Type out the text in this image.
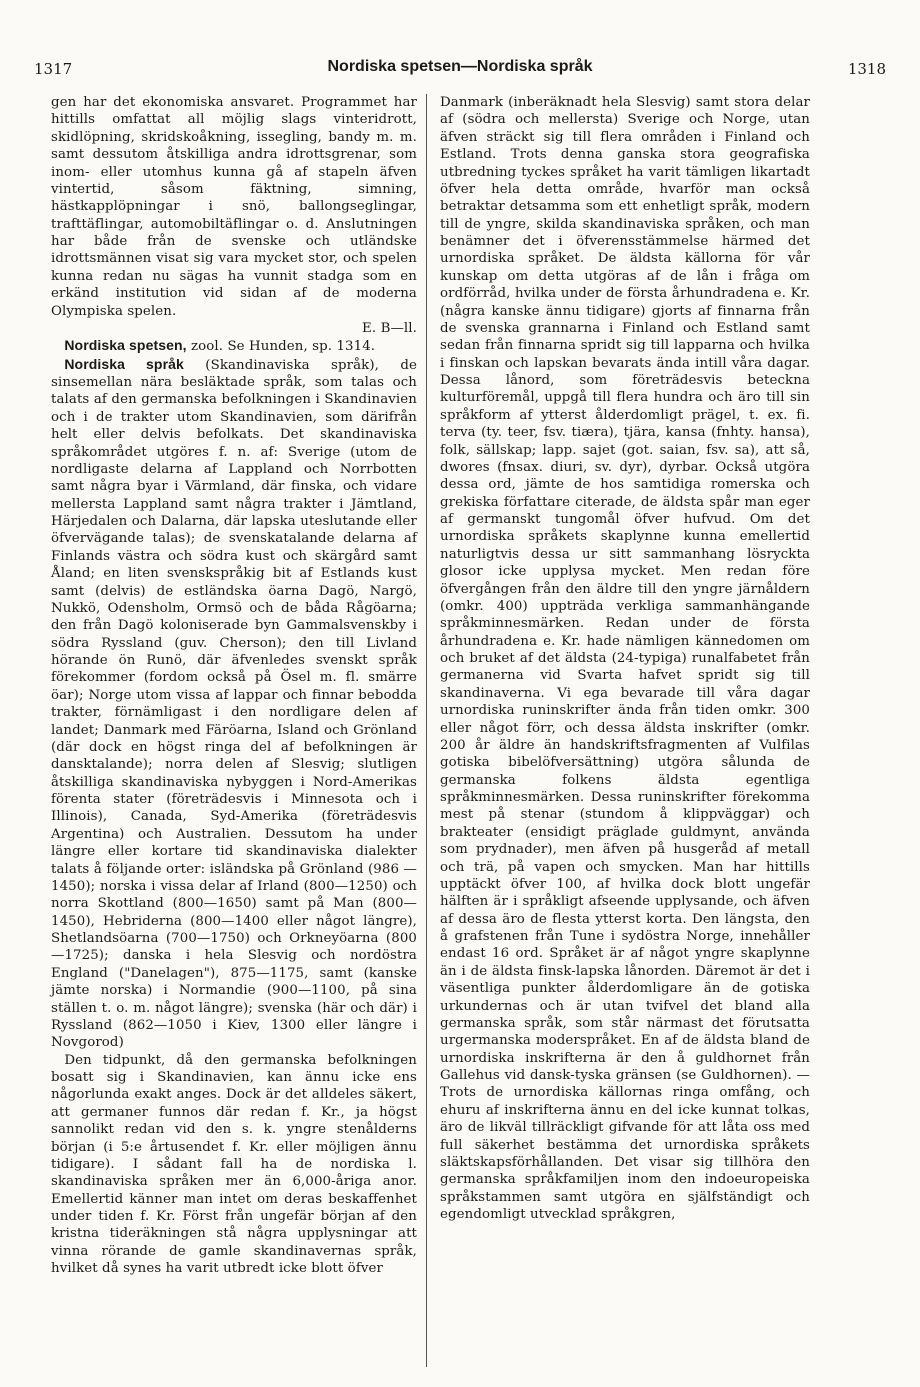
1317	Nordiska spetsen—Nordiska språk	1318

gen har det ekonomiska ansvaret. Programmet har hittills omfattat all möjlig slags vinteridrott, skidlöpning, skridskoåkning, issegling, bandy m. m. samt dessutom åtskilliga andra idrottsgrenar, som inom- eller utomhus kunna gå af stapeln äfven vintertid, såsom fäktning, simning, hästkapplöpningar i snö, ballongseglingar, trafttäflingar, automobiltäflingar o. d. Anslutningen har både från de svenske och utländske idrottsmännen visat sig vara mycket stor, och spelen kunna redan nu sägas ha vunnit stadga som en erkänd institution vid sidan af de moderna Olympiska spelen.

E. B—ll.

Nordiska spetsen, zool. Se Hunden, sp. 1314.

Nordiska språk (Skandinaviska språk), de sinsemellan nära besläktade språk, som talas och talats af den germanska befolkningen i Skandinavien och i de trakter utom Skandinavien, som därifrån helt eller delvis befolkats. Det skandinaviska språkområdet utgöres f. n. af: Sverige (utom de nordligaste delarna af Lappland och Norrbotten samt några byar i Värmland, där finska, och vidare mellersta Lappland samt några trakter i Jämtland, Härjedalen och Dalarna, där lapska uteslutande eller öfvervägande talas); de svenskatalande delarna af Finlands västra och södra kust och skärgård samt Åland; en liten svenskspråkig bit af Estlands kust samt (delvis) de estländska öarna Dagö, Nargö, Nukkö, Odensholm, Ormsö och de båda Rågöarna; den från Dagö koloniserade byn Gammalsvenskby i södra Ryssland (guv. Cherson); den till Livland hörande ön Runö, där äfvenledes svenskt språk förekommer (fordom också på Ösel m. fl. smärre öar); Norge utom vissa af lappar och finnar bebodda trakter, förnämligast i den nordligare delen af landet; Danmark med Färöarna, Island och Grönland (där dock en högst ringa del af befolkningen är dansktalande); norra delen af Slesvig; slutligen åtskilliga skandinaviska nybyggen i Nord-Amerikas förenta stater (företrädesvis i Minnesota och i Illinois), Canada, Syd-Amerika (företrädesvis Argentina) och Australien. Dessutom ha under längre eller kortare tid skandinaviska dialekter talats å följande orter: isländska på Grönland (986 —1450); norska i vissa delar af Irland (800—1250) och norra Skottland (800—1650) samt på Man (800—1450), Hebriderna (800—1400 eller något längre), Shetlandsöarna (700—1750) och Orkneyöarna (800—1725); danska i hela Slesvig och nordöstra England ("Danelagen"), 875—1175, samt (kanske jämte norska) i Normandie (900—1100, på sina ställen t. o. m. något längre); svenska (här och där) i Ryssland (862—1050 i Kiev, 1300 eller längre i Novgorod)

Den tidpunkt, då den germanska befolkningen bosatt sig i Skandinavien, kan ännu icke ens någorlunda exakt anges. Dock är det alldeles säkert, att germaner funnos där redan f. Kr., ja högst sannolikt redan vid den s. k. yngre stenålderns början (i 5:e årtusendet f. Kr. eller möjligen ännu tidigare). I sådant fall ha de nordiska l. skandinaviska språken mer än 6,000-åriga anor. Emellertid känner man intet om deras beskaffenhet under tiden f. Kr. Först från ungefär början af den kristna tideräkningen stå några upplysningar att vinna rörande de gamle skandinavernas språk, hvilket då synes ha varit utbredt icke blott öfver

Danmark (inberäknadt hela Slesvig) samt stora delar af (södra och mellersta) Sverige och Norge, utan äfven sträckt sig till flera områden i Finland och Estland. Trots denna ganska stora geografiska utbredning tyckes språket ha varit tämligen likartadt öfver hela detta område, hvarför man också betraktar detsamma som ett enhetligt språk, modern till de yngre, skilda skandinaviska språken, och man benämner det i öfverensstämmelse härmed det urnordiska språket. De äldsta källorna för vår kunskap om detta utgöras af de lån i fråga om ordförråd, hvilka under de första århundradena e. Kr. (några kanske ännu tidigare) gjorts af finnarna från de svenska grannarna i Finland och Estland samt sedan från finnarna spridt sig till lapparna och hvilka i finskan och lapskan bevarats ända intill våra dagar. Dessa lånord, som företrädesvis betecknа kulturföremål, uppgå till flera hundra och äro till sin språkform af ytterst ålderdomligt prägel, t. ex. fi. terva (ty. teer, fsv. tiæra), tjära, kansa (fnhty. hansa), folk, sällskap; lapp. sajet (got. saian, fsv. sa), att så, dworеs (fnsax. diuri, sv. dyr), dyrbar. Också utgöra dessa ord, jämte de hos samtidiga romerska och grekiska författare citerade, de äldsta spår man eger af germanskt tungomål öfver hufvud. Om det urnordiska språkets skaplynne kunna emellertid naturligtvis dessa ur sitt sammanhang lösryckta glosor icke upplysa mycket. Men redan före öfvergången från den äldre till den yngre järnåldern (omkr. 400) uppträda verkliga sammanhängande språkminnesmärken. Redan under de första århundradena e. Kr. hade nämligen kännedomen om och bruket af det äldsta (24-typiga) runalfabetet från germanerna vid Svarta hafvet spridt sig till skandinaverna. Vi ega bevarade till våra dagar urnordiska runinskrifter ända från tiden omkr. 300 eller något förr, och dessa äldsta inskrifter (omkr. 200 år äldre än handskriftsfragmenten af Vulfilas gotiska bibelöfversättning) utgöra sålunda de germanska folkens äldsta egentliga språkminnesmärken. Dessa runinskrifter förekomma mest på stenar (stundom å klippväggar) och brakteater (ensidigt präglade guldmynt, använda som prydnader), men äfven på husgeråd af metall och trä, på vapen och smycken. Man har hittills upptäckt öfver 100, af hvilka dock blott ungefär hälften är i språkligt afseende upplysande, och äfven af dessa äro de flesta ytterst korta. Den längsta, den å grafstenen från Tune i sydöstra Norge, innehåller endast 16 ord. Språket är af något yngre skaplynne än i de äldsta finsk-lapska lånorden. Däremot är det i väsentliga punkter ålderdomligare än de gotiska urkundernas och är utan tvifvel det bland alla germanska språk, som står närmast det förutsatta urgermanska moderspråket. En af de äldsta bland de urnordiska inskrifterna är den å guldhornet från Gallehus vid dansk-tyska gränsen (se Guldhornen). — Trots de urnordiska källornas ringa omfång, och ehuru af inskrifterna ännu en del icke kunnat tolkas, äro de likväl tillräckligt gifvande för att låta oss med full säkerhet bestämma det urnordiska språkets släktskapsförhållanden. Det visar sig tillhöra den germanska språkfamiljen inom den indoeuropeiska språkstammen samt utgöra en själfständigt och egendomligt utvecklad språkgren,
